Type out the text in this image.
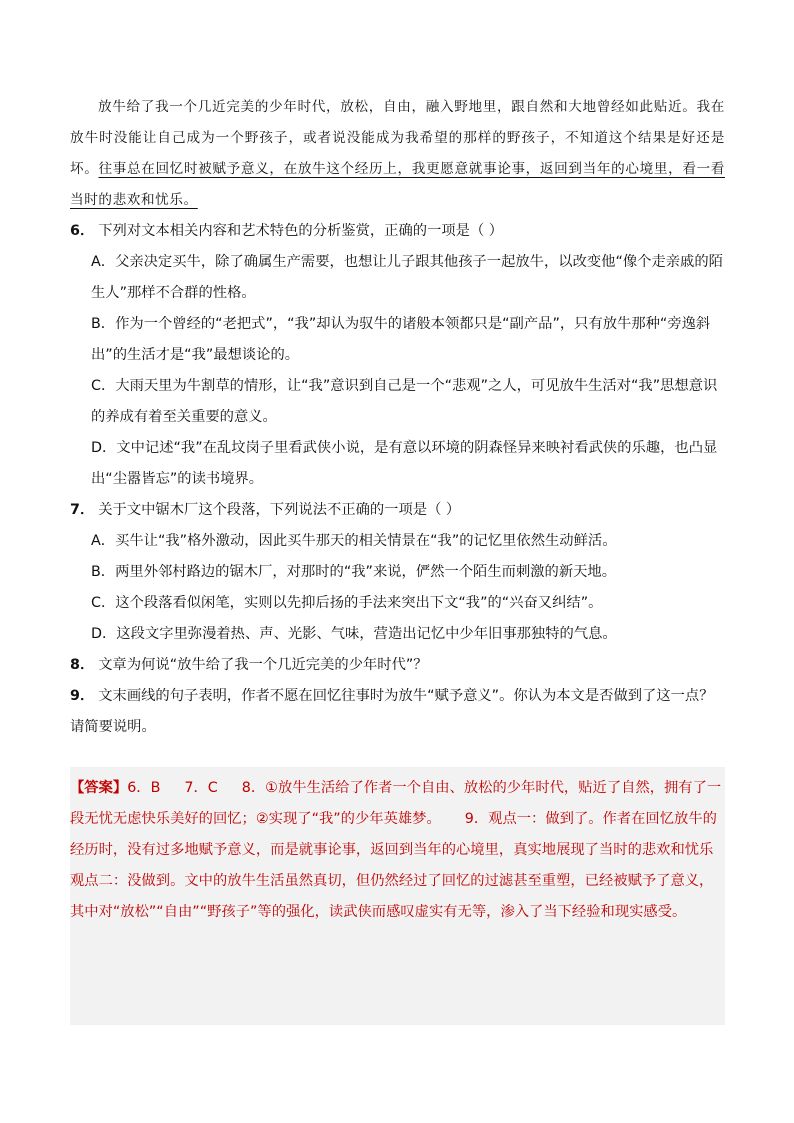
放牛给了我一个几近完美的少年时代，放松，自由，融入野地里，跟自然和大地曾经如此贴近。我在放牛时没能让自己成为一个野孩子，或者说没能成为我希望的那样的野孩子，不知道这个结果是好还是坏。往事总在回忆时被赋予意义，在放牛这个经历上，我更愿意就事论事，返回到当年的心境里，看一看当时的悲欢和忧乐。

6． 下列对文本相关内容和艺术特色的分析鉴赏，正确的一项是（ ）

A．父亲决定买牛，除了确属生产需要，也想让儿子跟其他孩子一起放牛，以改变他“像个走亲戚的陌生人”那样不合群的性格。

B．作为一个曾经的“老把式”，“我”却认为驭牛的诸般本领都只是“副产品”，只有放牛那种“旁逸斜出”的生活才是“我”最想谈论的。

C．大雨天里为牛割草的情形，让“我”意识到自己是一个“悲观”之人，可见放牛生活对“我”思想意识的养成有着至关重要的意义。

D．文中记述“我”在乱坟岗子里看武侠小说，是有意以环境的阴森怪异来映衬看武侠的乐趣，也凸显出“尘嚣皆忘”的读书境界。

7． 关于文中锯木厂这个段落，下列说法不正确的一项是（ ）

A．买牛让“我”格外激动，因此买牛那天的相关情景在“我”的记忆里依然生动鲜活。

B．两里外邻村路边的锯木厂，对那时的“我”来说，俨然一个陌生而刺激的新天地。

C．这个段落看似闲笔，实则以先抑后扬的手法来突出下文“我”的“兴奋又纠结”。

D．这段文字里弥漫着热、声、光影、气味，营造出记忆中少年旧事那独特的气息。

8． 文章为何说“放牛给了我一个几近完美的少年时代”？

9． 文末画线的句子表明，作者不愿在回忆往事时为放牛“赋予意义”。你认为本文是否做到了这一点？请简要说明。

【答案】6．B 7．C 8．①放牛生活给了作者一个自由、放松的少年时代，贴近了自然，拥有了一段无忧无虑快乐美好的回忆；②实现了“我”的少年英雄梦。 9．观点一：做到了。作者在回忆放牛的经历时，没有过多地赋予意义，而是就事论事，返回到当年的心境里，真实地展现了当时的悲欢和忧乐

观点二：没做到。文中的放牛生活虽然真切，但仍然经过了回忆的过滤甚至重塑，已经被赋予了意义，其中对“放松”“自由”“野孩子”等的强化，读武侠而感叹虚实有无等，渗入了当下经验和现实感受。
